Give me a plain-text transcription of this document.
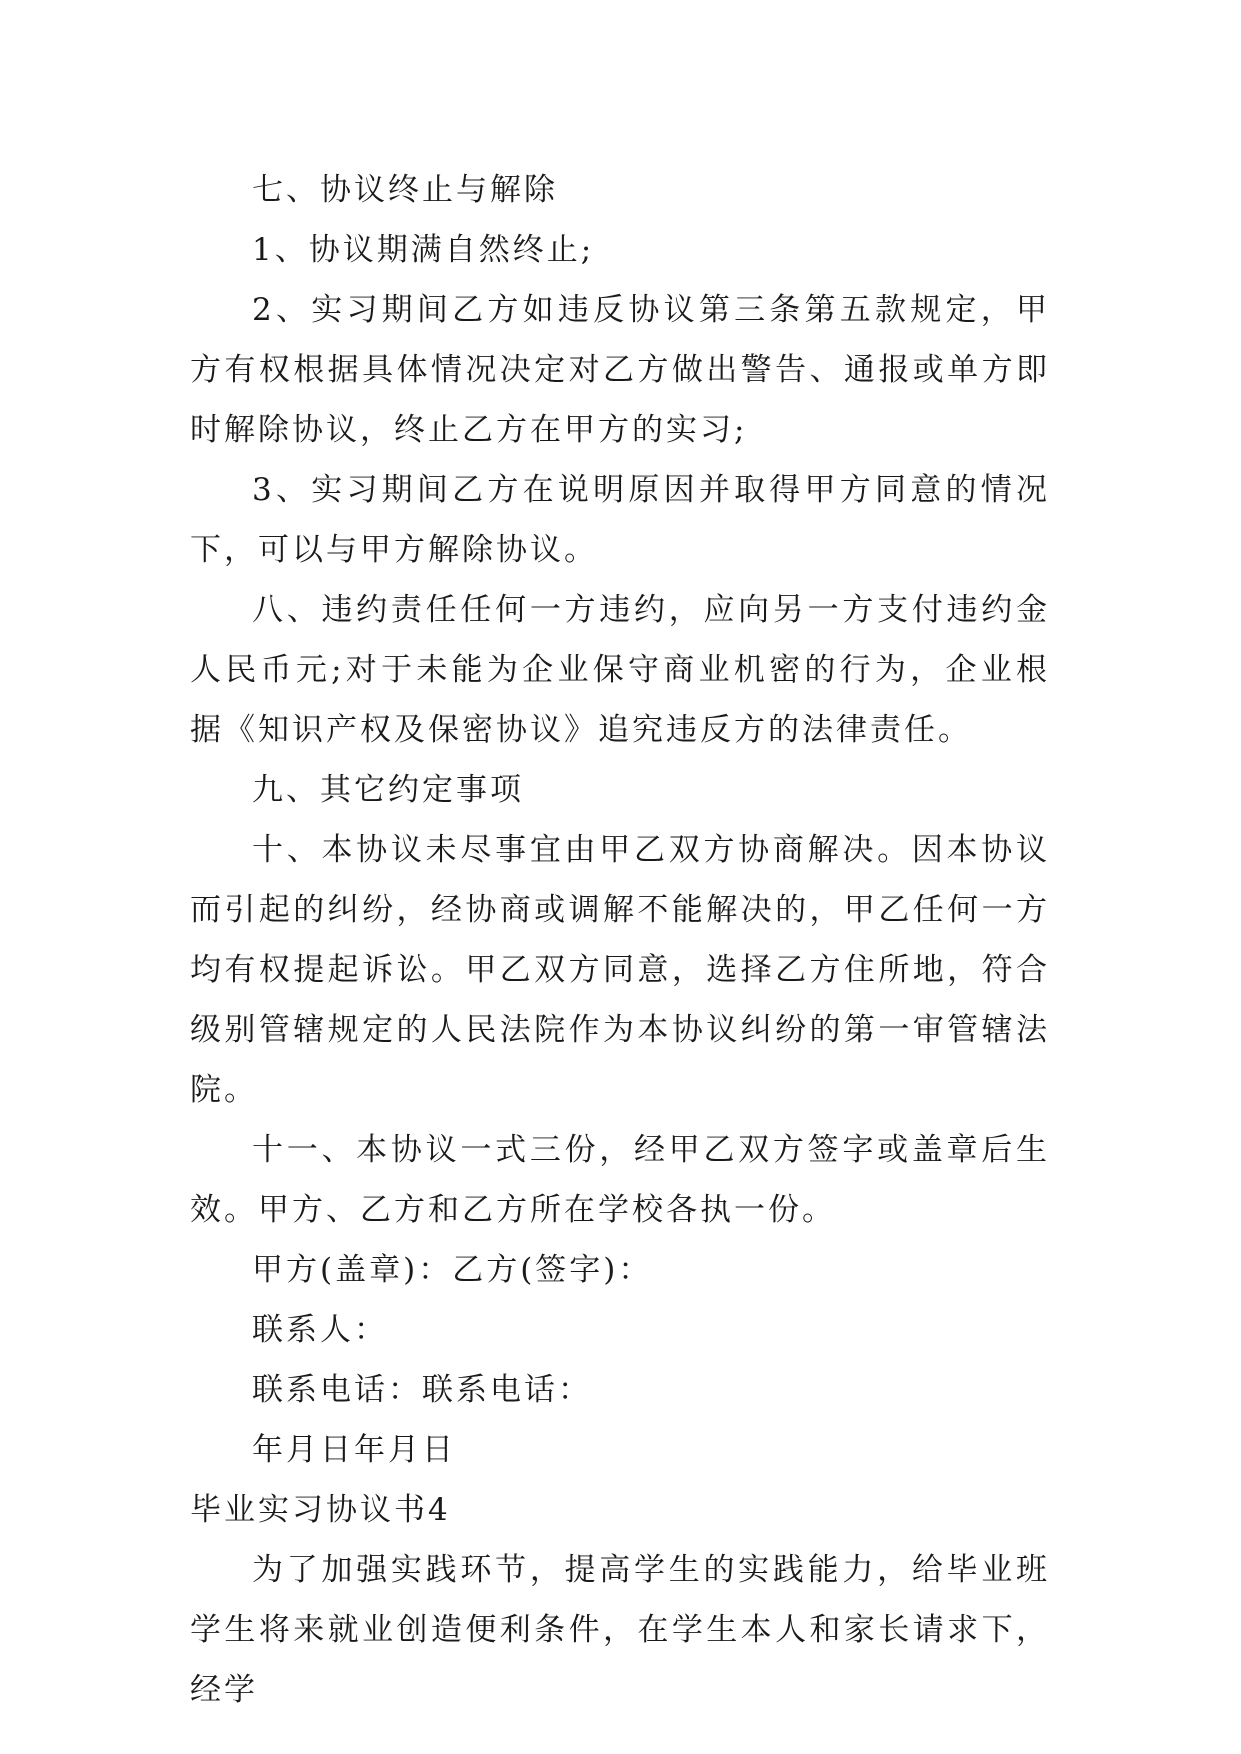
七、协议终止与解除

1、协议期满自然终止;

2、实习期间乙方如违反协议第三条第五款规定，甲方有权根据具体情况决定对乙方做出警告、通报或单方即时解除协议，终止乙方在甲方的实习;

3、实习期间乙方在说明原因并取得甲方同意的情况下，可以与甲方解除协议。

八、违约责任任何一方违约，应向另一方支付违约金人民币元;对于未能为企业保守商业机密的行为，企业根据《知识产权及保密协议》追究违反方的法律责任。

九、其它约定事项

十、本协议未尽事宜由甲乙双方协商解决。因本协议而引起的纠纷，经协商或调解不能解决的，甲乙任何一方均有权提起诉讼。甲乙双方同意，选择乙方住所地，符合级别管辖规定的人民法院作为本协议纠纷的第一审管辖法院。

十一、本协议一式三份，经甲乙双方签字或盖章后生效。甲方、乙方和乙方所在学校各执一份。

甲方(盖章)：乙方(签字)：

联系人：

联系电话：联系电话：

年月日年月日

毕业实习协议书4

为了加强实践环节，提高学生的实践能力，给毕业班学生将来就业创造便利条件，在学生本人和家长请求下，经学
